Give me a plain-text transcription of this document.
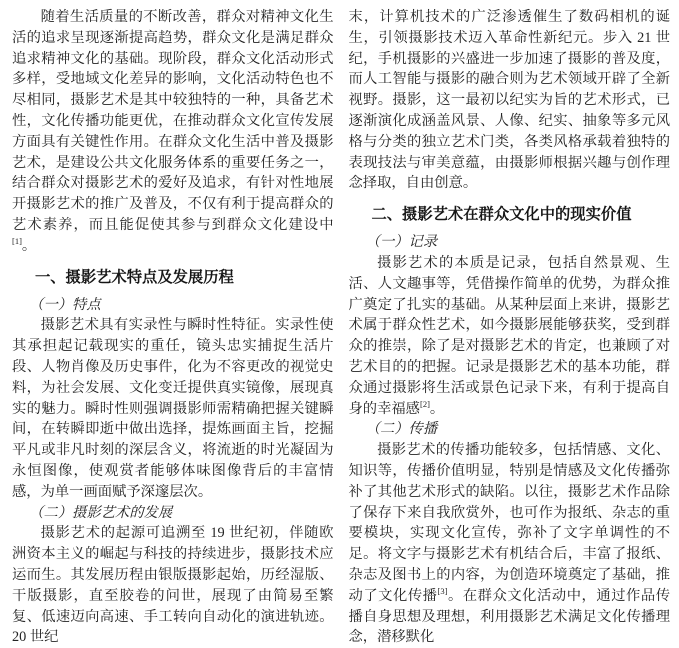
随着生活质量的不断改善，群众对精神文化生活的追求呈现逐渐提高趋势，群众文化是满足群众追求精神文化的基础。现阶段，群众文化活动形式多样，受地域文化差异的影响，文化活动特色也不尽相同，摄影艺术是其中较独特的一种，具备艺术性，文化传播功能更优，在推动群众文化宣传发展方面具有关键性作用。在群众文化生活中普及摄影艺术，是建设公共文化服务体系的重要任务之一，结合群众对摄影艺术的爱好及追求，有针对性地展开摄影艺术的推广及普及，不仅有利于提高群众的艺术素养，而且能促使其参与到群众文化建设中[1]。

一、摄影艺术特点及发展历程

（一）特点

摄影艺术具有实录性与瞬时性特征。实录性使其承担起记载现实的重任，镜头忠实捕捉生活片段、人物肖像及历史事件，化为不容更改的视觉史料，为社会发展、文化变迁提供真实镜像，展现真实的魅力。瞬时性则强调摄影师需精确把握关键瞬间，在转瞬即逝中做出选择，提炼画面主旨，挖掘平凡或非凡时刻的深层含义，将流逝的时光凝固为永恒图像，使观赏者能够体味图像背后的丰富情感，为单一画面赋予深邃层次。

（二）摄影艺术的发展

摄影艺术的起源可追溯至 19 世纪初，伴随欧洲资本主义的崛起与科技的持续进步，摄影技术应运而生。其发展历程由银版摄影起始，历经湿版、干版摄影，直至胶卷的问世，展现了由简易至繁复、低速迈向高速、手工转向自动化的演进轨迹。20 世纪

末，计算机技术的广泛渗透催生了数码相机的诞生，引领摄影技术迈入革命性新纪元。步入 21 世纪，手机摄影的兴盛进一步加速了摄影的普及度，而人工智能与摄影的融合则为艺术领域开辟了全新视野。摄影，这一最初以纪实为旨的艺术形式，已逐渐演化成涵盖风景、人像、纪实、抽象等多元风格与分类的独立艺术门类，各类风格承载着独特的表现技法与审美意蕴，由摄影师根据兴趣与创作理念择取，自由创意。

二、摄影艺术在群众文化中的现实价值

（一）记录

摄影艺术的本质是记录，包括自然景观、生活、人文趣事等，凭借操作简单的优势，为群众推广奠定了扎实的基础。从某种层面上来讲，摄影艺术属于群众性艺术，如今摄影展能够获奖，受到群众的推崇，除了是对摄影艺术的肯定，也兼顾了对艺术目的的把握。记录是摄影艺术的基本功能，群众通过摄影将生活或景色记录下来，有利于提高自身的幸福感[2]。

（二）传播

摄影艺术的传播功能较多，包括情感、文化、知识等，传播价值明显，特别是情感及文化传播弥补了其他艺术形式的缺陷。以往，摄影艺术作品除了保存下来自我欣赏外，也可作为报纸、杂志的重要模块，实现文化宣传，弥补了文字单调性的不足。将文字与摄影艺术有机结合后，丰富了报纸、杂志及图书上的内容，为创造环境奠定了基础，推动了文化传播[3]。在群众文化活动中，通过作品传播自身思想及理想，利用摄影艺术满足文化传播理念，潜移默化
